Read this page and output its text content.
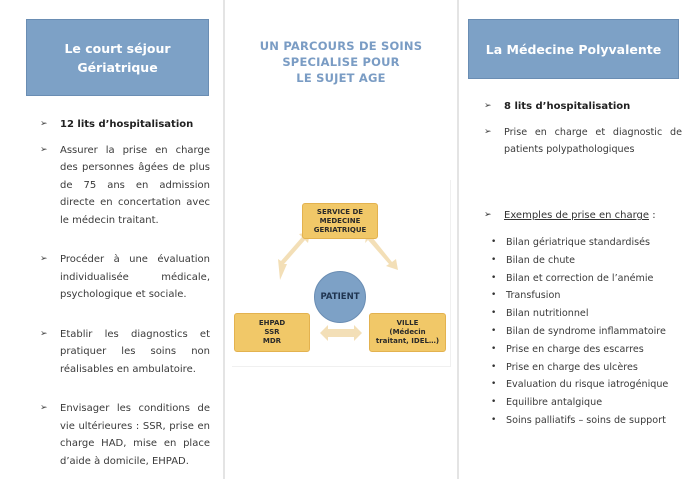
Le court séjour
Gériatrique
➢ 12 lits d’hospitalisation
➢ Assurer la prise en charge des personnes âgées de plus de 75 ans en admission directe en concertation avec le médecin traitant.
➢ Procéder à une évaluation individualisée médicale, psychologique et sociale.
➢ Etablir les diagnostics et pratiquer les soins non réalisables en ambulatoire.
➢ Envisager les conditions de vie ultérieures : SSR, prise en charge HAD, mise en place d’aide à domicile, EHPAD.
UN PARCOURS DE SOINS
SPECIALISE POUR
LE SUJET AGE
SERVICE DE
MEDECINE
GERIATRIQUE
PATIENT
EHPAD
SSR
MDR
VILLE
(Médecin
traitant, IDEL…)
La Médecine Polyvalente
➢ 8 lits d’hospitalisation
➢ Prise en charge et diagnostic de patients polypathologiques
➢ Exemples de prise en charge :
• Bilan gériatrique standardisés
• Bilan de chute
• Bilan et correction de l’anémie
• Transfusion
• Bilan nutritionnel
• Bilan de syndrome inflammatoire
• Prise en charge des escarres
• Prise en charge des ulcères
• Evaluation du risque iatrogénique
• Equilibre antalgique
• Soins palliatifs – soins de support
